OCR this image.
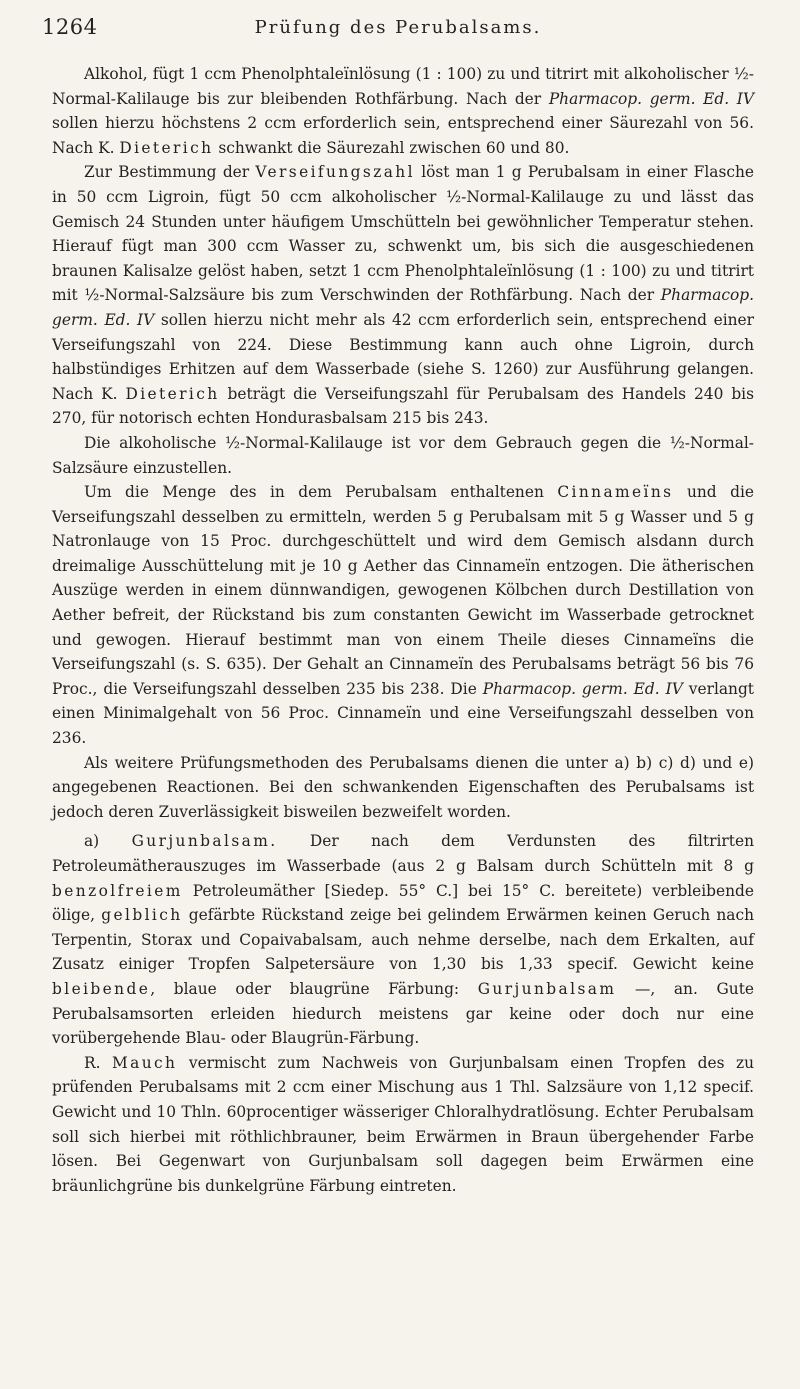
1264	Prüfung des Perubalsams.

Alkohol, fügt 1 ccm Phenolphtaleïnlösung (1 : 100) zu und titrirt mit alkoholischer ½-Normal-Kalilauge bis zur bleibenden Rothfärbung. Nach der Pharmacop. germ. Ed. IV sollen hierzu höchstens 2 ccm erforderlich sein, entsprechend einer Säurezahl von 56. Nach K. Dieterich schwankt die Säurezahl zwischen 60 und 80.

Zur Bestimmung der Verseifungszahl löst man 1 g Perubalsam in einer Flasche in 50 ccm Ligroin, fügt 50 ccm alkoholischer ½-Normal-Kalilauge zu und lässt das Gemisch 24 Stunden unter häufigem Umschütteln bei gewöhnlicher Temperatur stehen. Hierauf fügt man 300 ccm Wasser zu, schwenkt um, bis sich die ausgeschiedenen braunen Kalisalze gelöst haben, setzt 1 ccm Phenolphtaleïnlösung (1 : 100) zu und titrirt mit ½-Normal-Salzsäure bis zum Verschwinden der Rothfärbung. Nach der Pharmacop. germ. Ed. IV sollen hierzu nicht mehr als 42 ccm erforderlich sein, entsprechend einer Verseifungszahl von 224. Diese Bestimmung kann auch ohne Ligroin, durch halbstündiges Erhitzen auf dem Wasserbade (siehe S. 1260) zur Ausführung gelangen. Nach K. Dieterich beträgt die Verseifungszahl für Perubalsam des Handels 240 bis 270, für notorisch echten Hondurasbalsam 215 bis 243.

Die alkoholische ½-Normal-Kalilauge ist vor dem Gebrauch gegen die ½-Normal-Salzsäure einzustellen.

Um die Menge des in dem Perubalsam enthaltenen Cinnameïns und die Verseifungszahl desselben zu ermitteln, werden 5 g Perubalsam mit 5 g Wasser und 5 g Natronlauge von 15 Proc. durchgeschüttelt und wird dem Gemisch alsdann durch dreimalige Ausschüttelung mit je 10 g Aether das Cinnameïn entzogen. Die ätherischen Auszüge werden in einem dünnwandigen, gewogenen Kölbchen durch Destillation von Aether befreit, der Rückstand bis zum constanten Gewicht im Wasserbade getrocknet und gewogen. Hierauf bestimmt man von einem Theile dieses Cinnameïns die Verseifungszahl (s. S. 635). Der Gehalt an Cinnameïn des Perubalsams beträgt 56 bis 76 Proc., die Verseifungszahl desselben 235 bis 238. Die Pharmacop. germ. Ed. IV verlangt einen Minimalgehalt von 56 Proc. Cinnameïn und eine Verseifungszahl desselben von 236.

Als weitere Prüfungsmethoden des Perubalsams dienen die unter a) b) c) d) und e) angegebenen Reactionen. Bei den schwankenden Eigenschaften des Perubalsams ist jedoch deren Zuverlässigkeit bisweilen bezweifelt worden.

a) Gurjunbalsam. Der nach dem Verdunsten des filtrirten Petroleumätherauszuges im Wasserbade (aus 2 g Balsam durch Schütteln mit 8 g benzolfreiem Petroleumäther [Siedep. 55° C.] bei 15° C. bereitete) verbleibende ölige, gelblich gefärbte Rückstand zeige bei gelindem Erwärmen keinen Geruch nach Terpentin, Storax und Copaivabalsam, auch nehme derselbe, nach dem Erkalten, auf Zusatz einiger Tropfen Salpetersäure von 1,30 bis 1,33 specif. Gewicht keine bleibende, blaue oder blaugrüne Färbung: Gurjunbalsam —, an. Gute Perubalsamsorten erleiden hiedurch meistens gar keine oder doch nur eine vorübergehende Blau- oder Blaugrün-Färbung.

R. Mauch vermischt zum Nachweis von Gurjunbalsam einen Tropfen des zu prüfenden Perubalsams mit 2 ccm einer Mischung aus 1 Thl. Salzsäure von 1,12 specif. Gewicht und 10 Thln. 60procentiger wässeriger Chloralhydratlösung. Echter Perubalsam soll sich hierbei mit röthlichbrauner, beim Erwärmen in Braun übergehender Farbe lösen. Bei Gegenwart von Gurjunbalsam soll dagegen beim Erwärmen eine bräunlichgrüne bis dunkelgrüne Färbung eintreten.
